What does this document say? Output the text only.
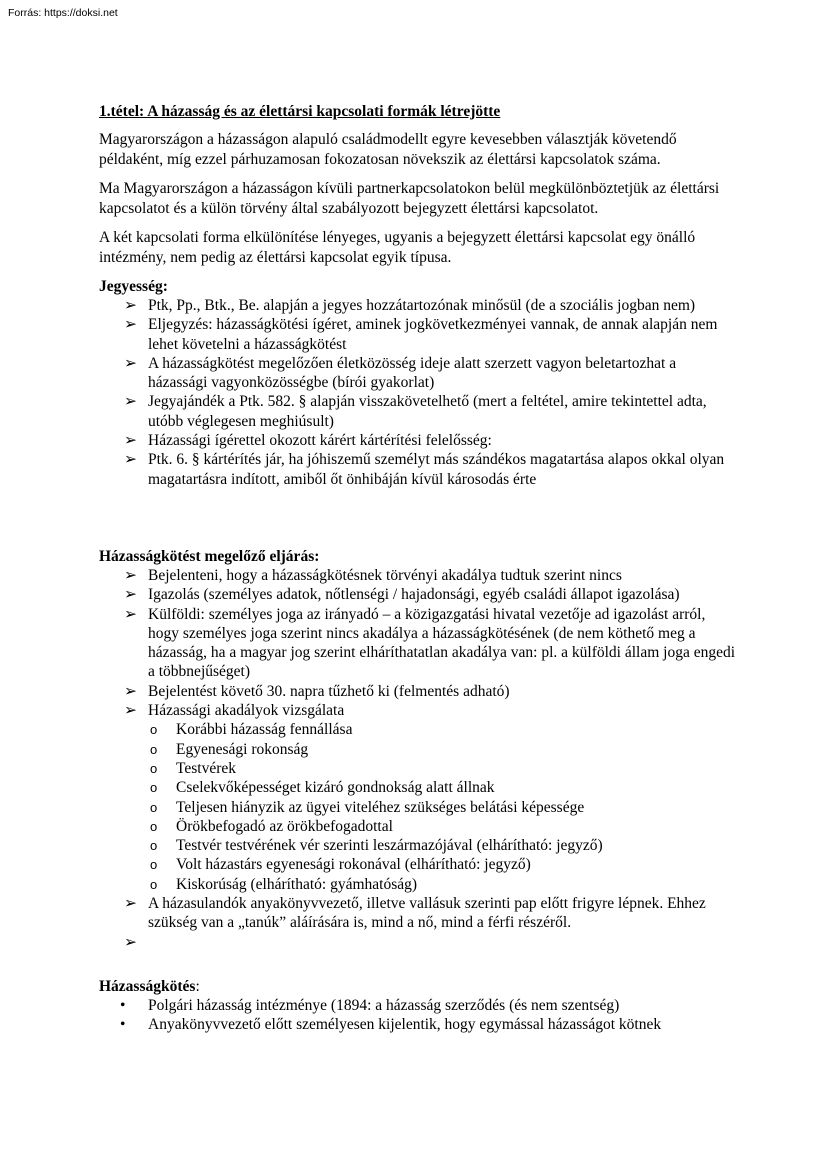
Forrás: https://doksi.net
1.tétel: A házasság és az élettársi kapcsolati formák létrejötte

Magyarországon a házasságon alapuló családmodellt egyre kevesebben választják követendő példaként, míg ezzel párhuzamosan fokozatosan növekszik az élettársi kapcsolatok száma.

Ma Magyarországon a házasságon kívüli partnerkapcsolatokon belül megkülönböztetjük az élettársi kapcsolatot és a külön törvény által szabályozott bejegyzett élettársi kapcsolatot.

A két kapcsolati forma elkülönítése lényeges, ugyanis a bejegyzett élettársi kapcsolat egy önálló intézmény, nem pedig az élettársi kapcsolat egyik típusa.

Jegyesség:
➢ Ptk, Pp., Btk., Be. alapján a jegyes hozzátartozónak minősül (de a szociális jogban nem)
➢ Eljegyzés: házasságkötési ígéret, aminek jogkövetkezményei vannak, de annak alapján nem lehet követelni a házasságkötést
➢ A házasságkötést megelőzően életközösség ideje alatt szerzett vagyon beletartozhat a házassági vagyonközösségbe (bírói gyakorlat)
➢ Jegyajándék a Ptk. 582. § alapján visszakövetelhető (mert a feltétel, amire tekintettel adta, utóbb véglegesen meghiúsult)
➢ Házassági ígérettel okozott kárért kártérítési felelősség:
➢ Ptk. 6. § kártérítés jár, ha jóhiszemű személyt más szándékos magatartása alapos okkal olyan magatartásra indított, amiből őt önhibáján kívül károsodás érte
Házasságkötést megelőző eljárás:
➢ Bejelenteni, hogy a házasságkötésnek törvényi akadálya tudtuk szerint nincs
➢ Igazolás (személyes adatok, nőtlenségi / hajadonsági, egyéb családi állapot igazolása)
➢ Külföldi: személyes joga az irányadó – a közigazgatási hivatal vezetője ad igazolást arról, hogy személyes joga szerint nincs akadálya a házasságkötésének (de nem köthető meg a házasság, ha a magyar jog szerint elháríthatatlan akadálya van: pl. a külföldi állam joga engedi a többnejűséget)
➢ Bejelentést követő 30. napra tűzhető ki (felmentés adható)
➢ Házassági akadályok vizsgálata
o Korábbi házasság fennállása
o Egyenesági rokonság
o Testvérek
o Cselekvőképességet kizáró gondnokság alatt állnak
o Teljesen hiányzik az ügyei viteléhez szükséges belátási képessége
o Örökbefogadó az örökbefogadottal
o Testvér testvérének vér szerinti leszármazójával (elhárítható: jegyző)
o Volt házastárs egyenesági rokonával (elhárítható: jegyző)
o Kiskorúság (elhárítható: gyámhatóság)
➢ A házasulandók anyakönyvvezető, illetve vallásuk szerinti pap előtt frigyre lépnek. Ehhez szükség van a „tanúk” aláírására is, mind a nő, mind a férfi részéről.
➢

Házasságkötés:
• Polgári házasság intézménye (1894: a házasság szerződés (és nem szentség)
• Anyakönyvvezető előtt személyesen kijelentik, hogy egymással házasságot kötnek
